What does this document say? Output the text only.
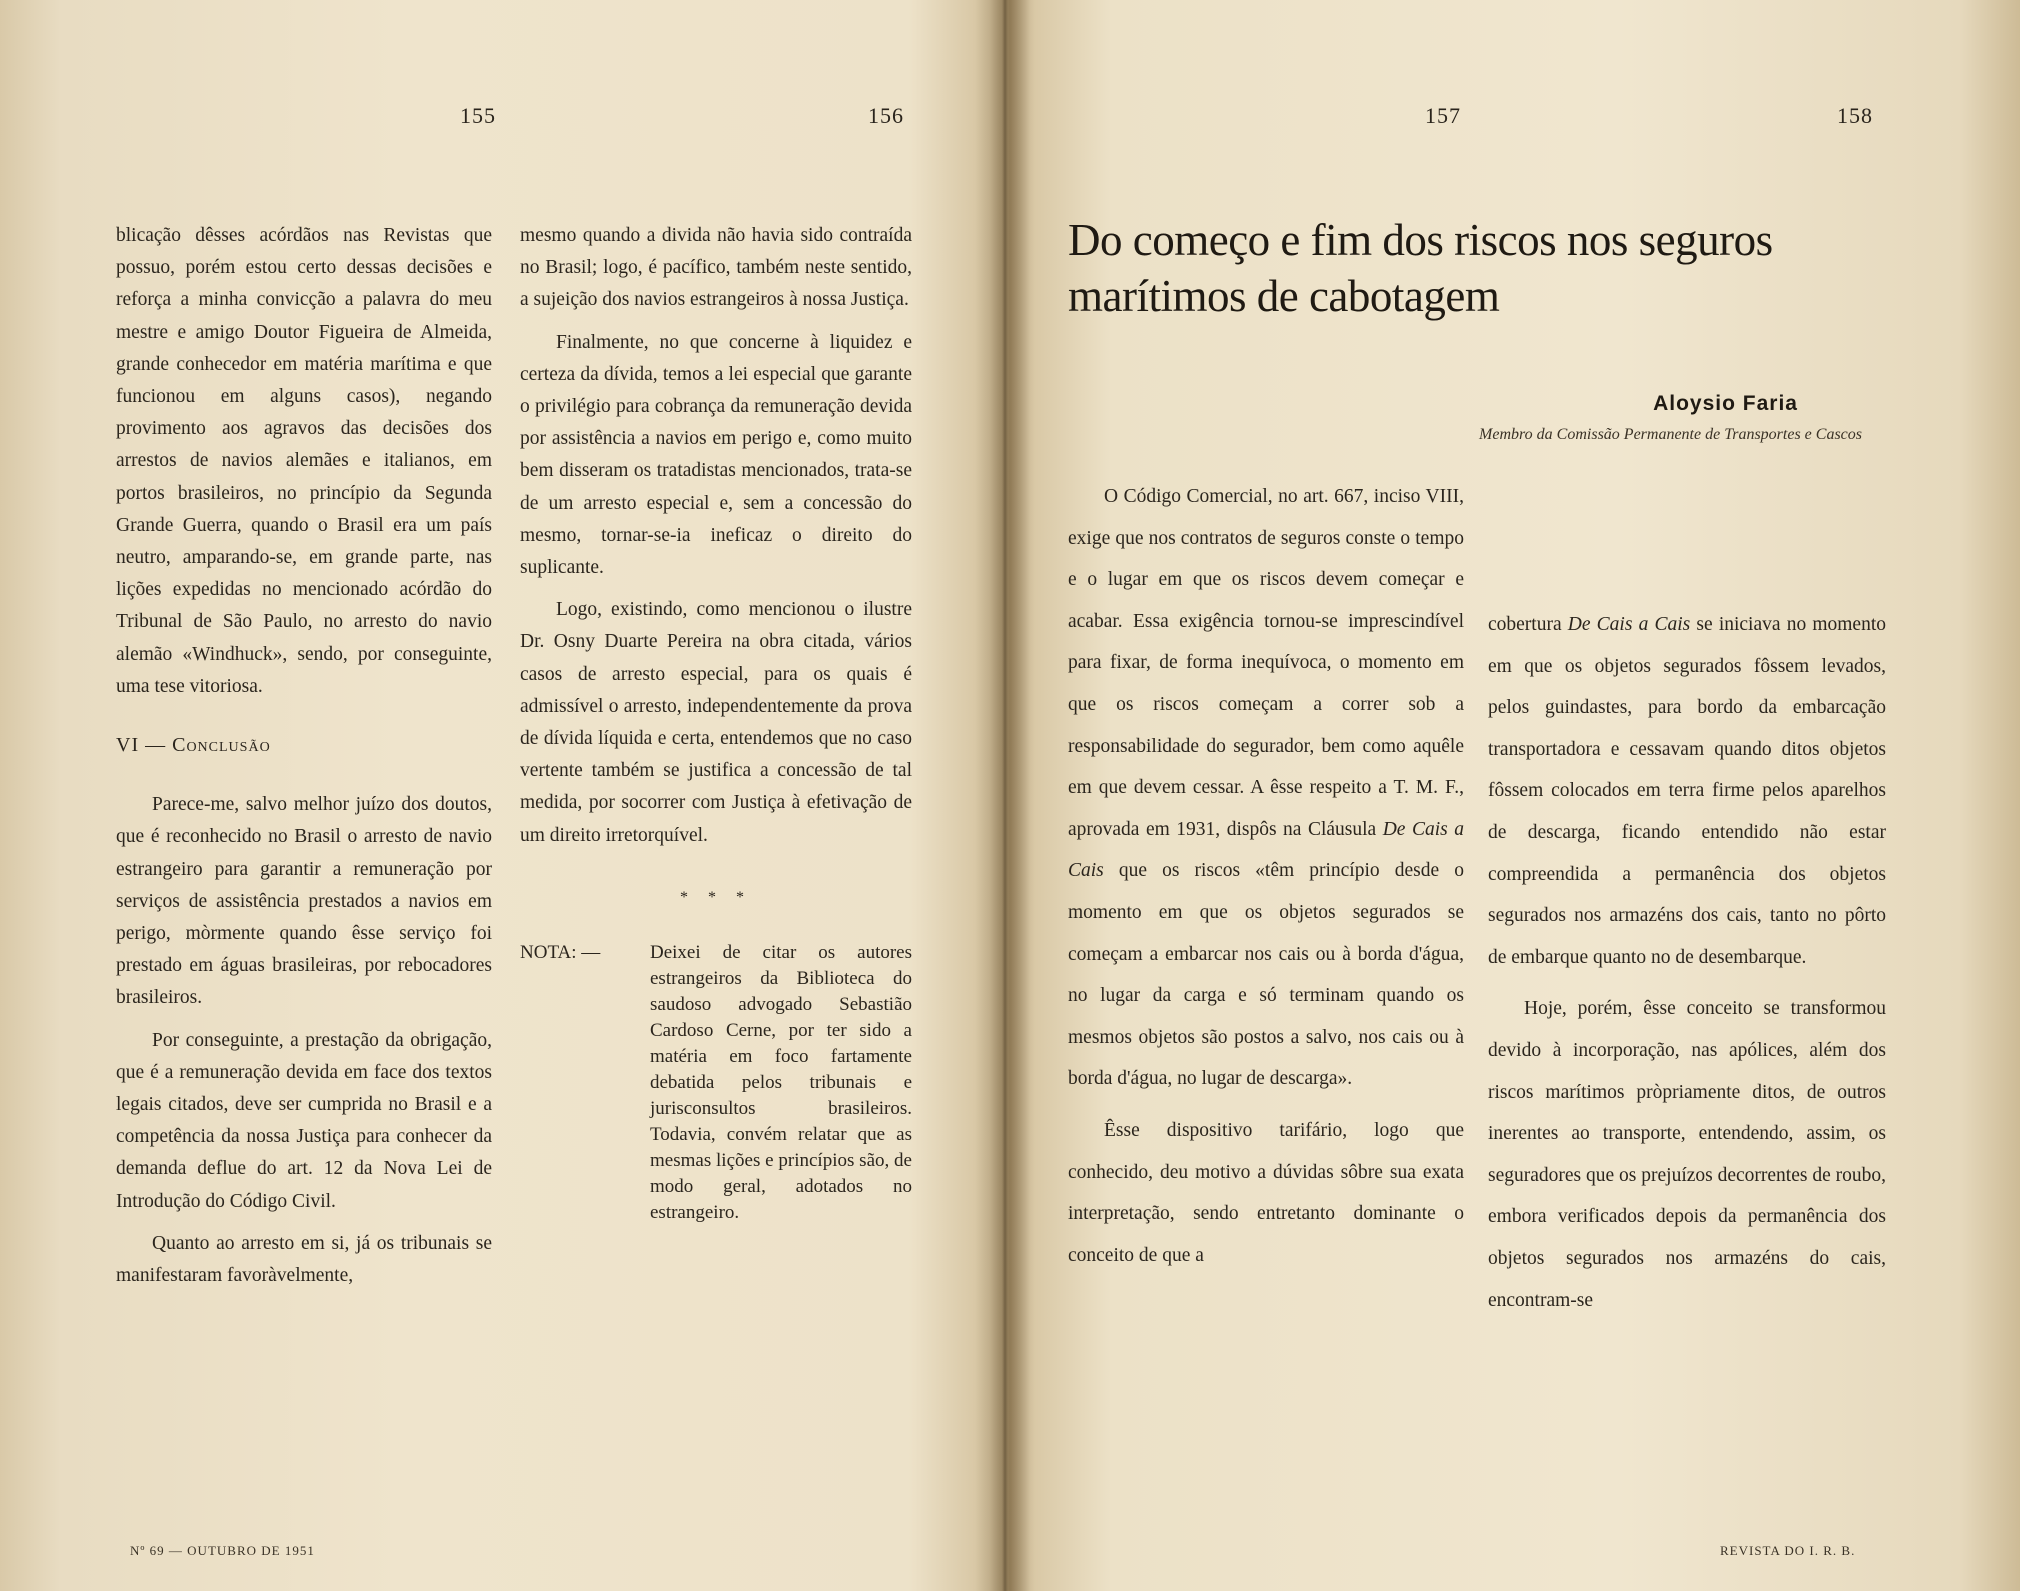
155	156	157	158

blicação dêsses acórdãos nas Revistas que possuo, porém estou certo dessas decisões e reforça a minha convicção a palavra do meu mestre e amigo Doutor Figueira de Almeida, grande conhecedor em matéria marítima e que funcionou em alguns casos), negando provimento aos agravos das decisões dos arrestos de navios alemães e italianos, em portos brasileiros, no princípio da Segunda Grande Guerra, quando o Brasil era um país neutro, amparando-se, em grande parte, nas lições expedidas no mencionado acórdão do Tribunal de São Paulo, no arresto do navio alemão «Windhuck», sendo, por conseguinte, uma tese vitoriosa.

VI — Conclusão

Parece-me, salvo melhor juízo dos doutos, que é reconhecido no Brasil o arresto de navio estrangeiro para garantir a remuneração por serviços de assistência prestados a navios em perigo, mòrmente quando êsse serviço foi prestado em águas brasileiras, por rebocadores brasileiros.

Por conseguinte, a prestação da obrigação, que é a remuneração devida em face dos textos legais citados, deve ser cumprida no Brasil e a competência da nossa Justiça para conhecer da demanda deflue do art. 12 da Nova Lei de Introdução do Código Civil.

Quanto ao arresto em si, já os tribunais se manifestaram favoràvelmente,

mesmo quando a divida não havia sido contraída no Brasil; logo, é pacífico, também neste sentido, a sujeição dos navios estrangeiros à nossa Justiça.

Finalmente, no que concerne à liquidez e certeza da dívida, temos a lei especial que garante o privilégio para cobrança da remuneração devida por assistência a navios em perigo e, como muito bem disseram os tratadistas mencionados, trata-se de um arresto especial e, sem a concessão do mesmo, tornar-se-ia ineficaz o direito do suplicante.

Logo, existindo, como mencionou o ilustre Dr. Osny Duarte Pereira na obra citada, vários casos de arresto especial, para os quais é admissível o arresto, independentemente da prova de dívida líquida e certa, entendemos que no caso vertente também se justifica a concessão de tal medida, por socorrer com Justiça à efetivação de um direito irretorquível.

* * *
NOTA: —	Deixei de citar os autores estrangeiros da Biblioteca do saudoso advogado Sebastião Cardoso Cerne, por ter sido a matéria em foco fartamente debatida pelos tribunais e jurisconsultos brasileiros. Todavia, convém relatar que as mesmas lições e princípios são, de modo geral, adotados no estrangeiro.
Do começo e fim dos riscos nos seguros marítimos de cabotagem
Aloysio Faria
Membro da Comissão Permanente de Transportes e Cascos

O Código Comercial, no art. 667, inciso VIII, exige que nos contratos de seguros conste o tempo e o lugar em que os riscos devem começar e acabar. Essa exigência tornou-se imprescindível para fixar, de forma inequívoca, o momento em que os riscos começam a correr sob a responsabilidade do segurador, bem como aquêle em que devem cessar. A êsse respeito a T. M. F., aprovada em 1931, dispôs na Cláusula De Cais a Cais que os riscos «têm princípio desde o momento em que os objetos segurados se começam a embarcar nos cais ou à borda d'água, no lugar da carga e só terminam quando os mesmos objetos são postos a salvo, nos cais ou à borda d'água, no lugar de descarga».

Êsse dispositivo tarifário, logo que conhecido, deu motivo a dúvidas sôbre sua exata interpretação, sendo entretanto dominante o conceito de que a

cobertura De Cais a Cais se iniciava no momento em que os objetos segurados fôssem levados, pelos guindastes, para bordo da embarcação transportadora e cessavam quando ditos objetos fôssem colocados em terra firme pelos aparelhos de descarga, ficando entendido não estar compreendida a permanência dos objetos segurados nos armazéns dos cais, tanto no pôrto de embarque quanto no de desembarque.

Hoje, porém, êsse conceito se transformou devido à incorporação, nas apólices, além dos riscos marítimos pròpriamente ditos, de outros inerentes ao transporte, entendendo, assim, os seguradores que os prejuízos decorrentes de roubo, embora verificados depois da permanência dos objetos segurados nos armazéns do cais, encontram-se

Nº 69 — OUTUBRO DE 1951	REVISTA DO I. R. B.
